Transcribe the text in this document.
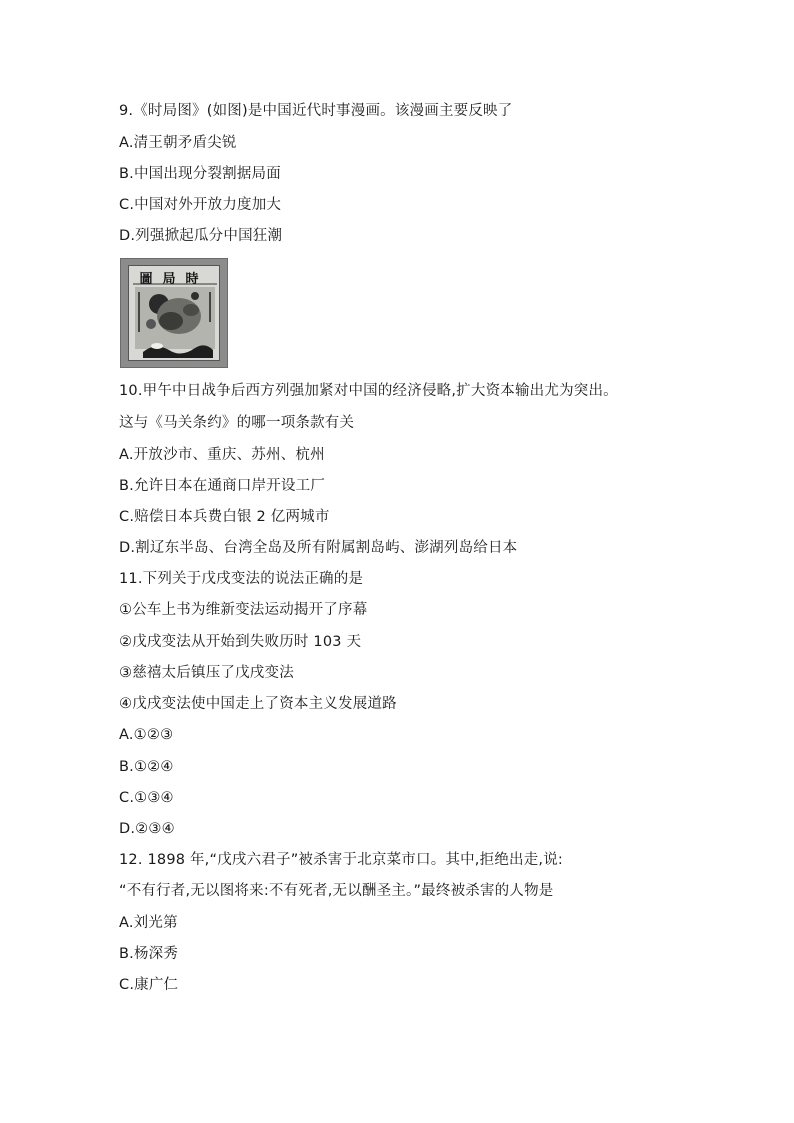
9.《时局图》(如图)是中国近代时事漫画。该漫画主要反映了
A.清王朝矛盾尖锐
B.中国出现分裂割据局面
C.中国对外开放力度加大
D.列强掀起瓜分中国狂潮
圖局時
10.甲午中日战争后西方列强加紧对中国的经济侵略,扩大资本输出尤为突出。
这与《马关条约》的哪一项条款有关
A.开放沙市、重庆、苏州、杭州
B.允许日本在通商口岸开设工厂
C.赔偿日本兵费白银 2 亿两城市
D.割辽东半岛、台湾全岛及所有附属割岛屿、澎湖列岛给日本
11.下列关于戊戌变法的说法正确的是
①公车上书为维新变法运动揭开了序幕
②戊戌变法从开始到失败历时 103 天
③慈禧太后镇压了戊戌变法
④戊戌变法使中国走上了资本主义发展道路
A.①②③
B.①②④
C.①③④
D.②③④
12. 1898 年,“戊戌六君子”被杀害于北京菜市口。其中,拒绝出走,说:
“不有行者,无以图将来:不有死者,无以酬圣主。”最终被杀害的人物是
A.刘光第
B.杨深秀
C.康广仁
